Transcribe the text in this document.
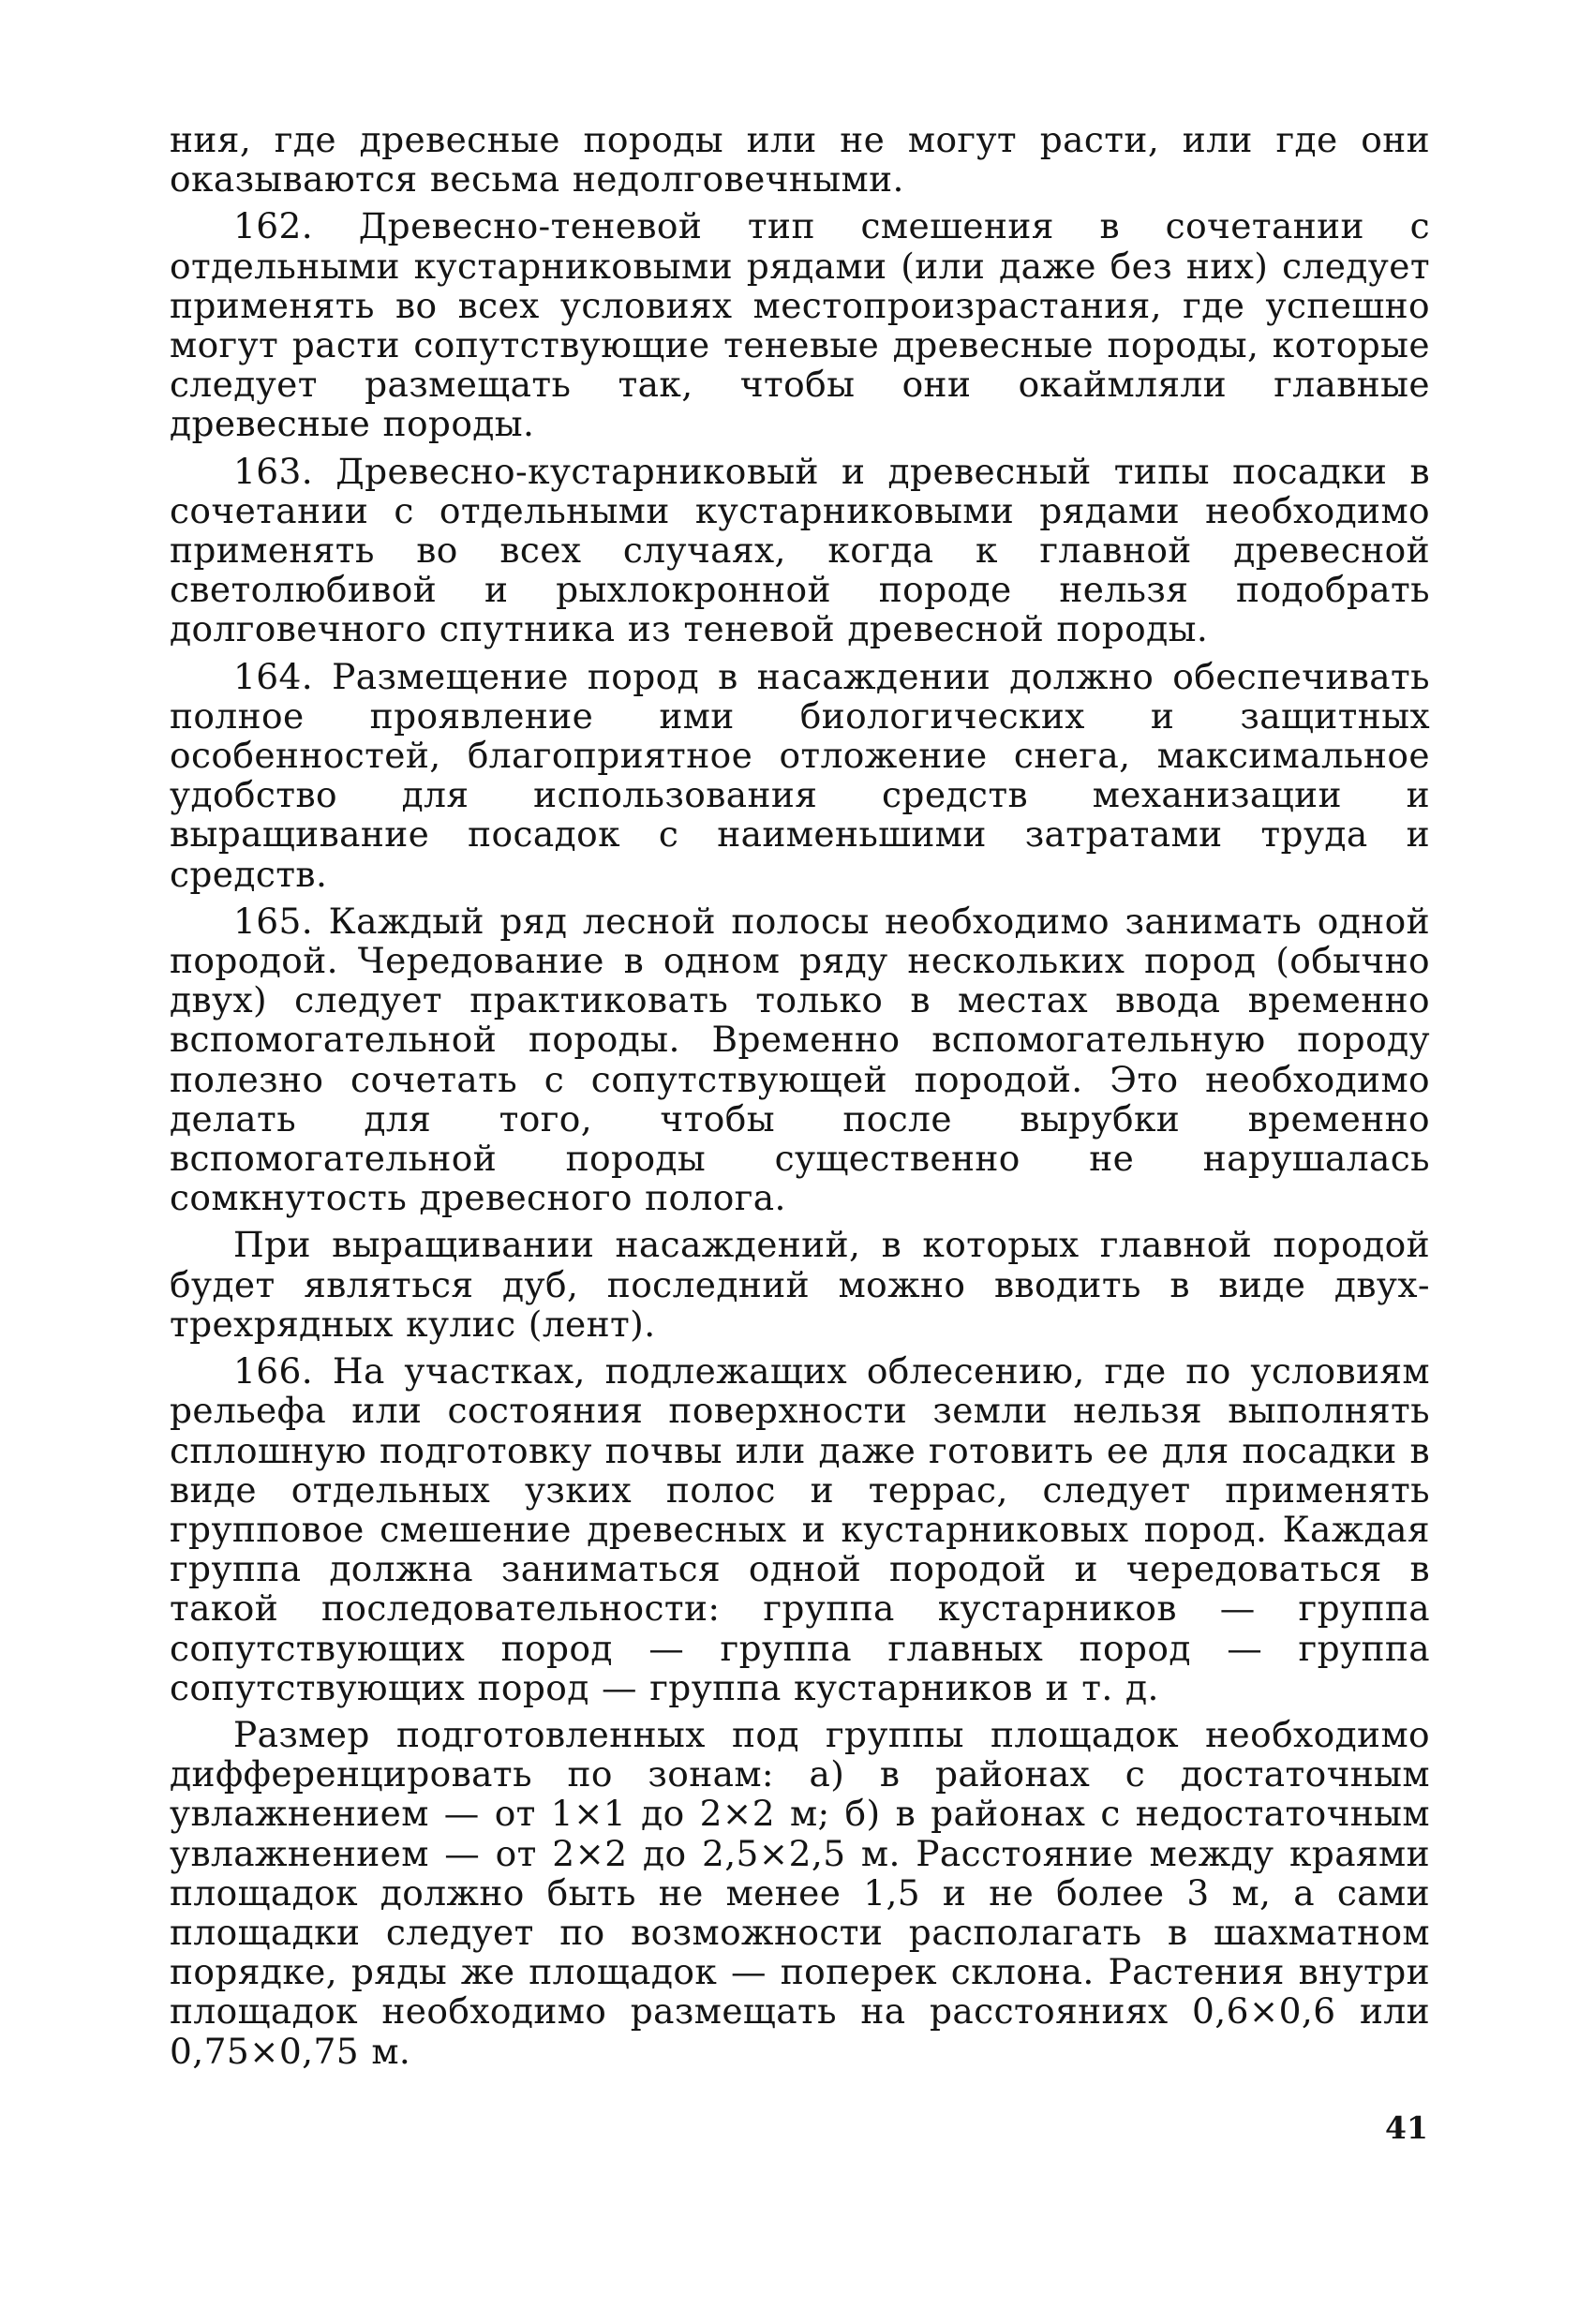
ния, где древесные породы или не могут расти, или где они оказываются весьма недолговечными.

162. Древесно-теневой тип смешения в сочетании с отдельными кустарниковыми рядами (или даже без них) следует применять во всех условиях местопроизрастания, где успешно могут расти сопутствующие теневые древесные породы, которые следует размещать так, чтобы они окаймляли главные древесные породы.

163. Древесно-кустарниковый и древесный типы посадки в сочетании с отдельными кустарниковыми рядами необходимо применять во всех случаях, когда к главной древесной светолюбивой и рыхлокронной породе нельзя подобрать долговечного спутника из теневой древесной породы.

164. Размещение пород в насаждении должно обеспечивать полное проявление ими биологических и защитных особенностей, благоприятное отложение снега, максимальное удобство для использования средств механизации и выращивание посадок с наименьшими затратами труда и средств.

165. Каждый ряд лесной полосы необходимо занимать одной породой. Чередование в одном ряду нескольких пород (обычно двух) следует практиковать только в местах ввода временно вспомогательной породы. Временно вспомогательную породу полезно сочетать с сопутствующей породой. Это необходимо делать для того, чтобы после вырубки временно вспомогательной породы существенно не нарушалась сомкнутость древесного полога.

При выращивании насаждений, в которых главной породой будет являться дуб, последний можно вводить в виде двух-трехрядных кулис (лент).

166. На участках, подлежащих облесению, где по условиям рельефа или состояния поверхности земли нельзя выполнять сплошную подготовку почвы или даже готовить ее для посадки в виде отдельных узких полос и террас, следует применять групповое смешение древесных и кустарниковых пород. Каждая группа должна заниматься одной породой и чередоваться в такой последовательности: группа кустарников — группа сопутствующих пород — группа главных пород — группа сопутствующих пород — группа кустарников и т. д.

Размер подготовленных под группы площадок необходимо дифференцировать по зонам: а) в районах с достаточным увлажнением — от 1×1 до 2×2 м; б) в районах с недостаточным увлажнением — от 2×2 до 2,5×2,5 м. Расстояние между краями площадок должно быть не менее 1,5 и не более 3 м, а сами площадки следует по возможности располагать в шахматном порядке, ряды же площадок — поперек склона. Растения внутри площадок необходимо размещать на расстояниях 0,6×0,6 или 0,75×0,75 м.

41
